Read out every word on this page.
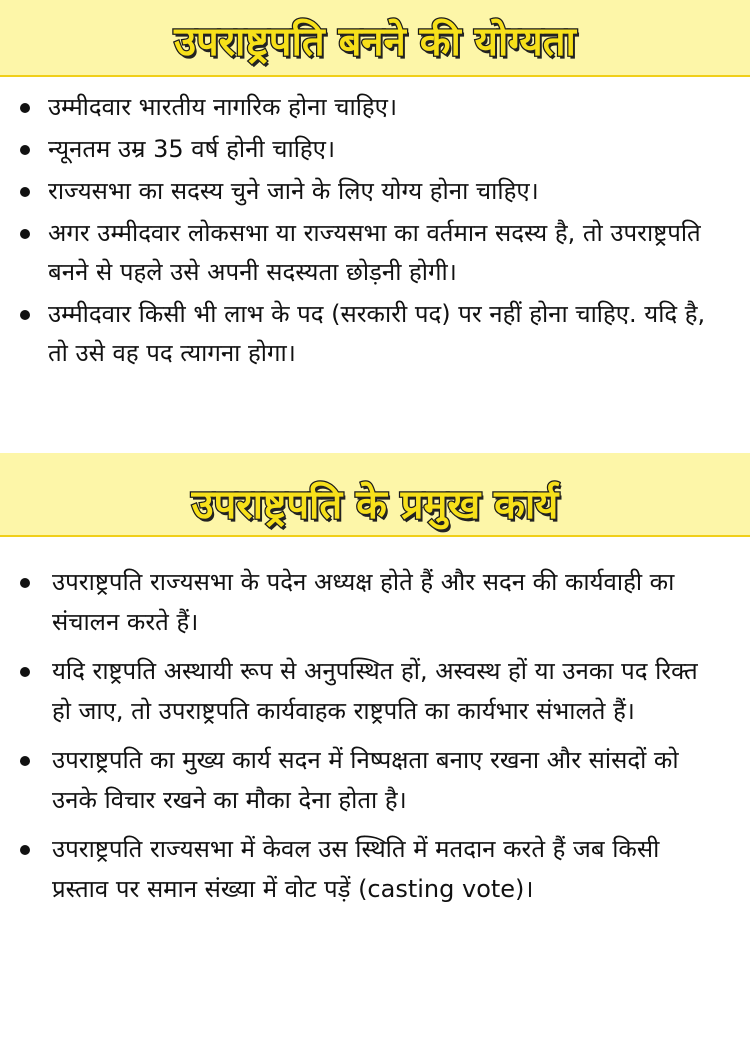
उपराष्ट्रपति बनने की योग्यता
उम्मीदवार भारतीय नागरिक होना चाहिए।
न्यूनतम उम्र 35 वर्ष होनी चाहिए।
राज्यसभा का सदस्य चुने जाने के लिए योग्य होना चाहिए।
अगर उम्मीदवार लोकसभा या राज्यसभा का वर्तमान सदस्य है, तो उपराष्ट्रपति बनने से पहले उसे अपनी सदस्यता छोड़नी होगी।
उम्मीदवार किसी भी लाभ के पद (सरकारी पद) पर नहीं होना चाहिए. यदि है, तो उसे वह पद त्यागना होगा।
उपराष्ट्रपति के प्रमुख कार्य
उपराष्ट्रपति राज्यसभा के पदेन अध्यक्ष होते हैं और सदन की कार्यवाही का संचालन करते हैं।
यदि राष्ट्रपति अस्थायी रूप से अनुपस्थित हों, अस्वस्थ हों या उनका पद रिक्त हो जाए, तो उपराष्ट्रपति कार्यवाहक राष्ट्रपति का कार्यभार संभालते हैं।
उपराष्ट्रपति का मुख्य कार्य सदन में निष्पक्षता बनाए रखना और सांसदों को उनके विचार रखने का मौका देना होता है।
उपराष्ट्रपति राज्यसभा में केवल उस स्थिति में मतदान करते हैं जब किसी प्रस्ताव पर समान संख्या में वोट पड़ें (casting vote)।
